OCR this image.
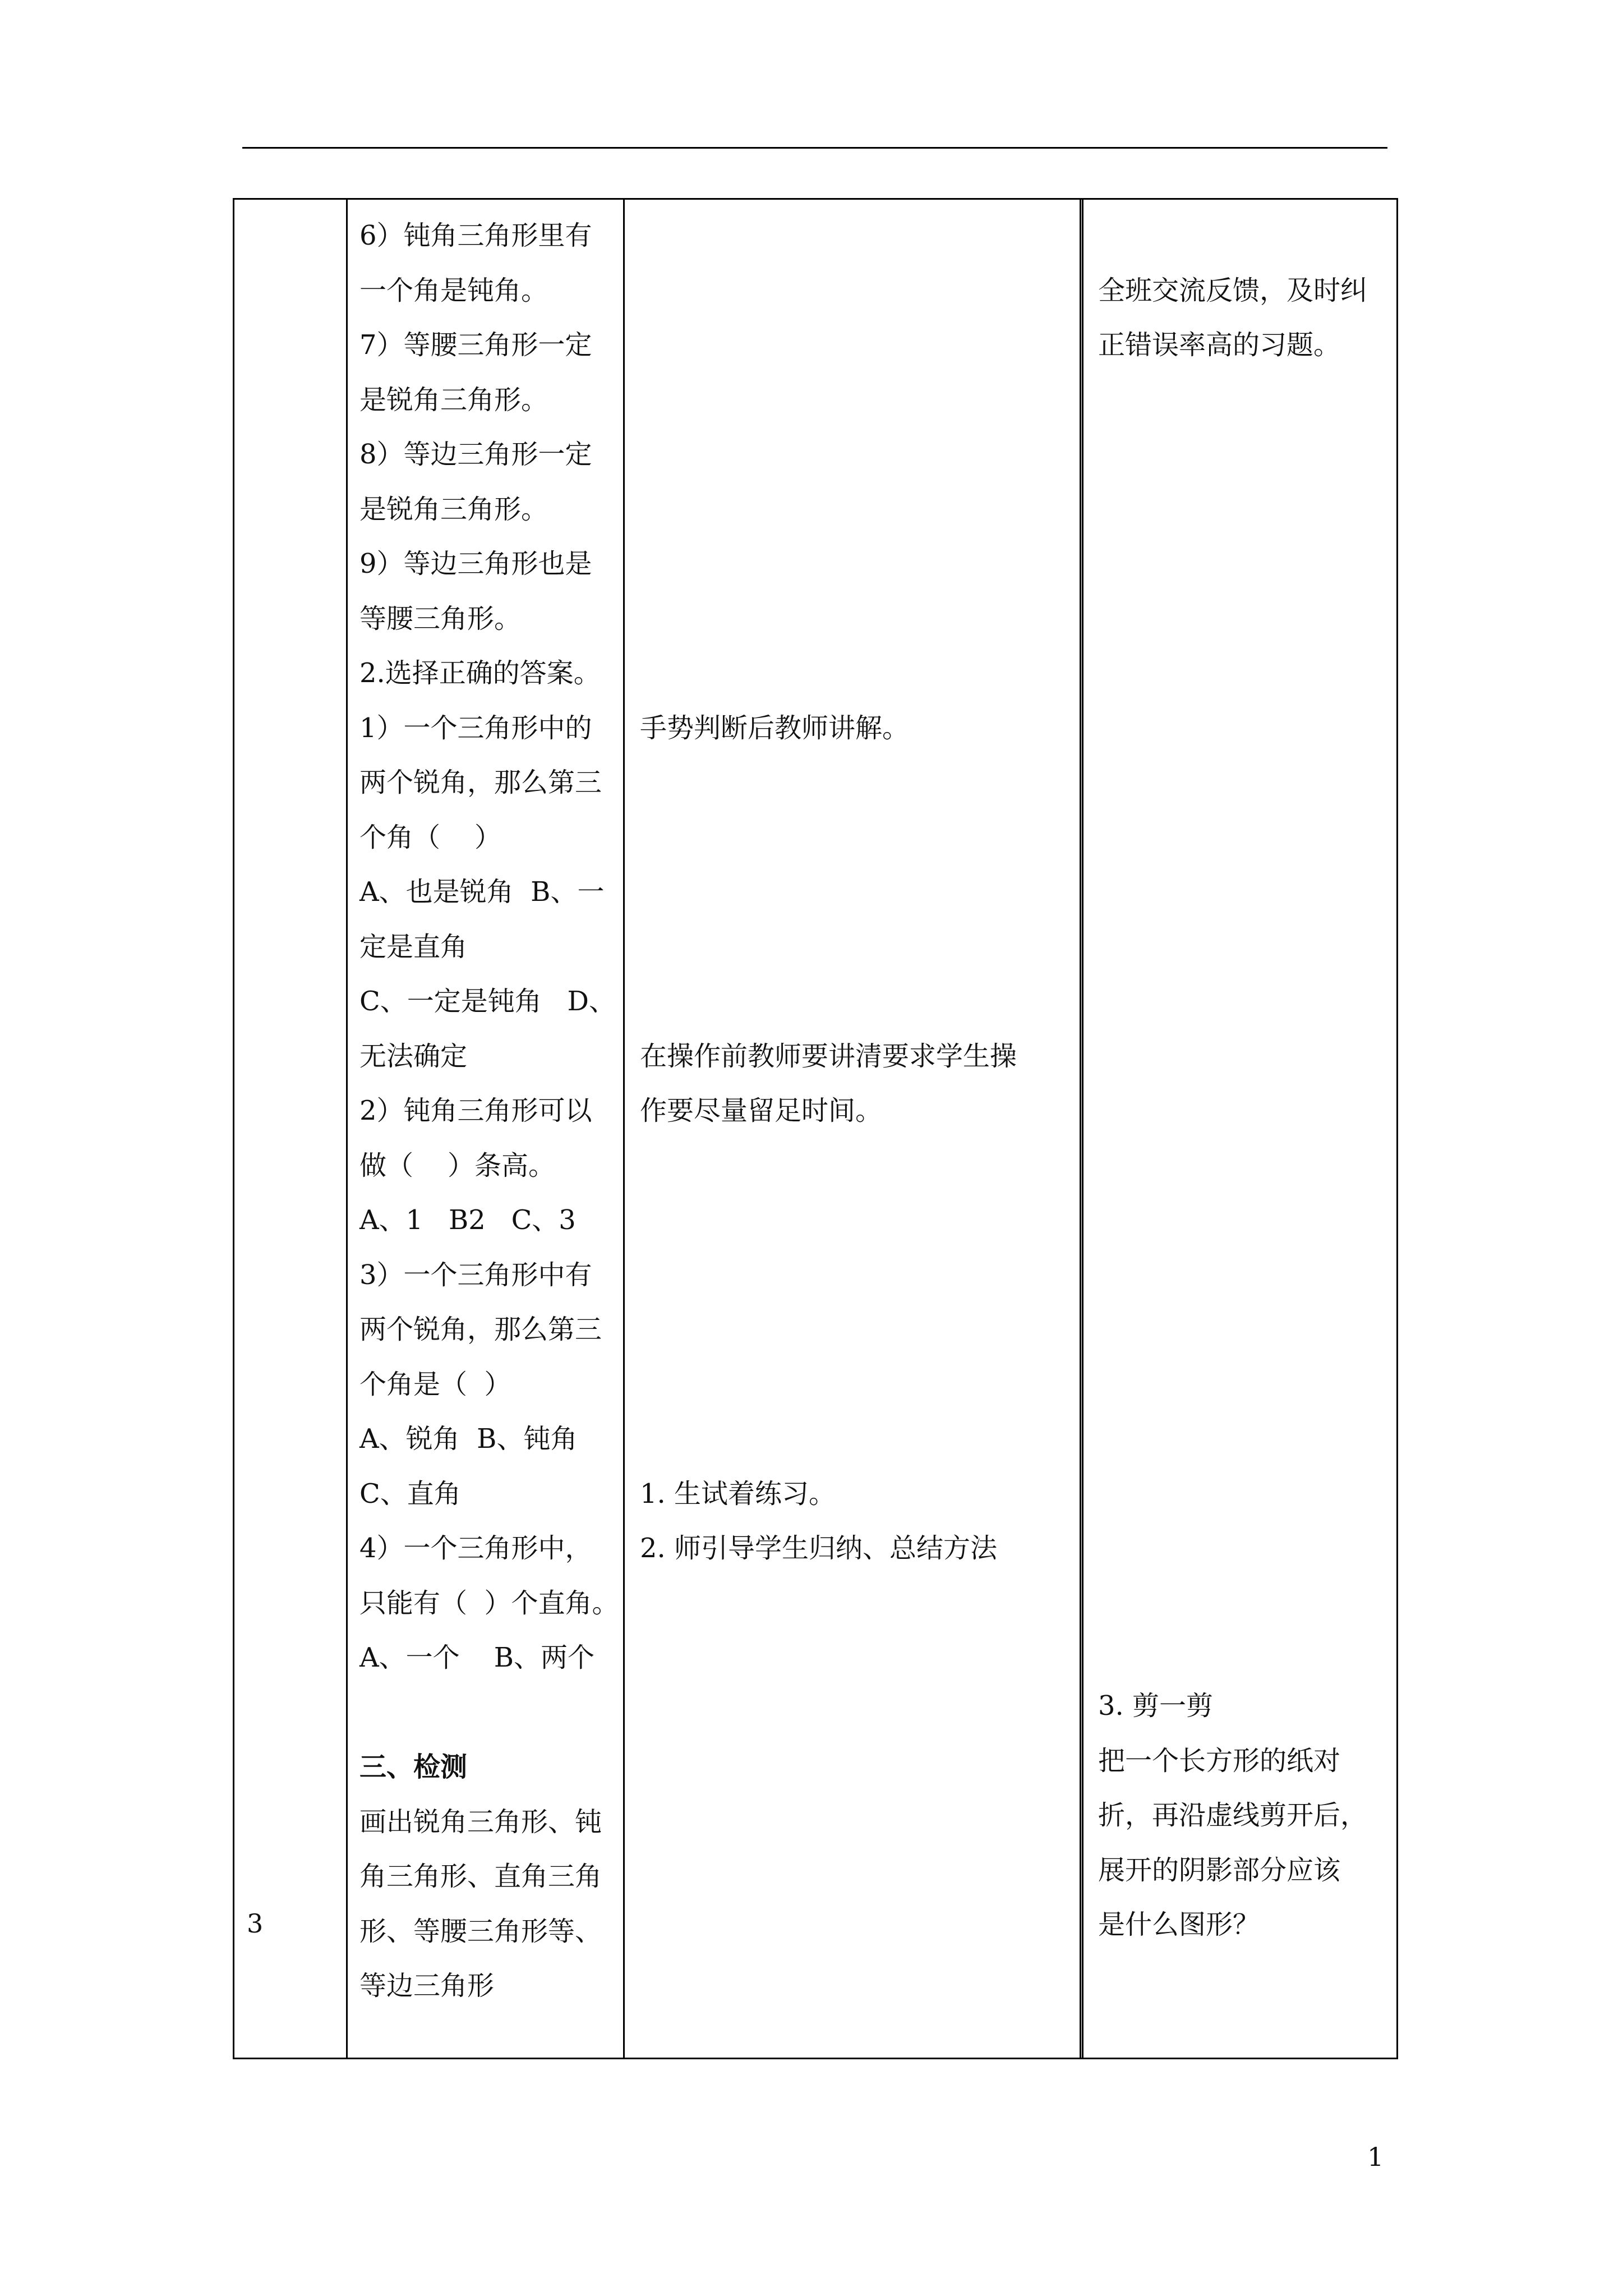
3
6）钝角三角形里有
一个角是钝角。
7）等腰三角形一定
是锐角三角形。
8）等边三角形一定
是锐角三角形。
9）等边三角形也是
等腰三角形。
2.选择正确的答案。
1）一个三角形中的
两个锐角，那么第三
个角（    ）
A、也是锐角  B、一
定是直角
C、一定是钝角   D、
无法确定
2）钝角三角形可以
做（    ）条高。
A、1   B2   C、3
3）一个三角形中有
两个锐角，那么第三
个角是（  ）
A、锐角  B、钝角
C、直角
4）一个三角形中，
只能有（  ）个直角。
A、一个    B、两个
三、检测
画出锐角三角形、钝
角三角形、直角三角
形、等腰三角形等、
等边三角形
手势判断后教师讲解。
在操作前教师要讲清要求学生操
作要尽量留足时间。
1. 生试着练习。
2. 师引导学生归纳、总结方法
全班交流反馈，及时纠
正错误率高的习题。
3. 剪一剪
把一个长方形的纸对
折，再沿虚线剪开后，
展开的阴影部分应该
是什么图形？
1
